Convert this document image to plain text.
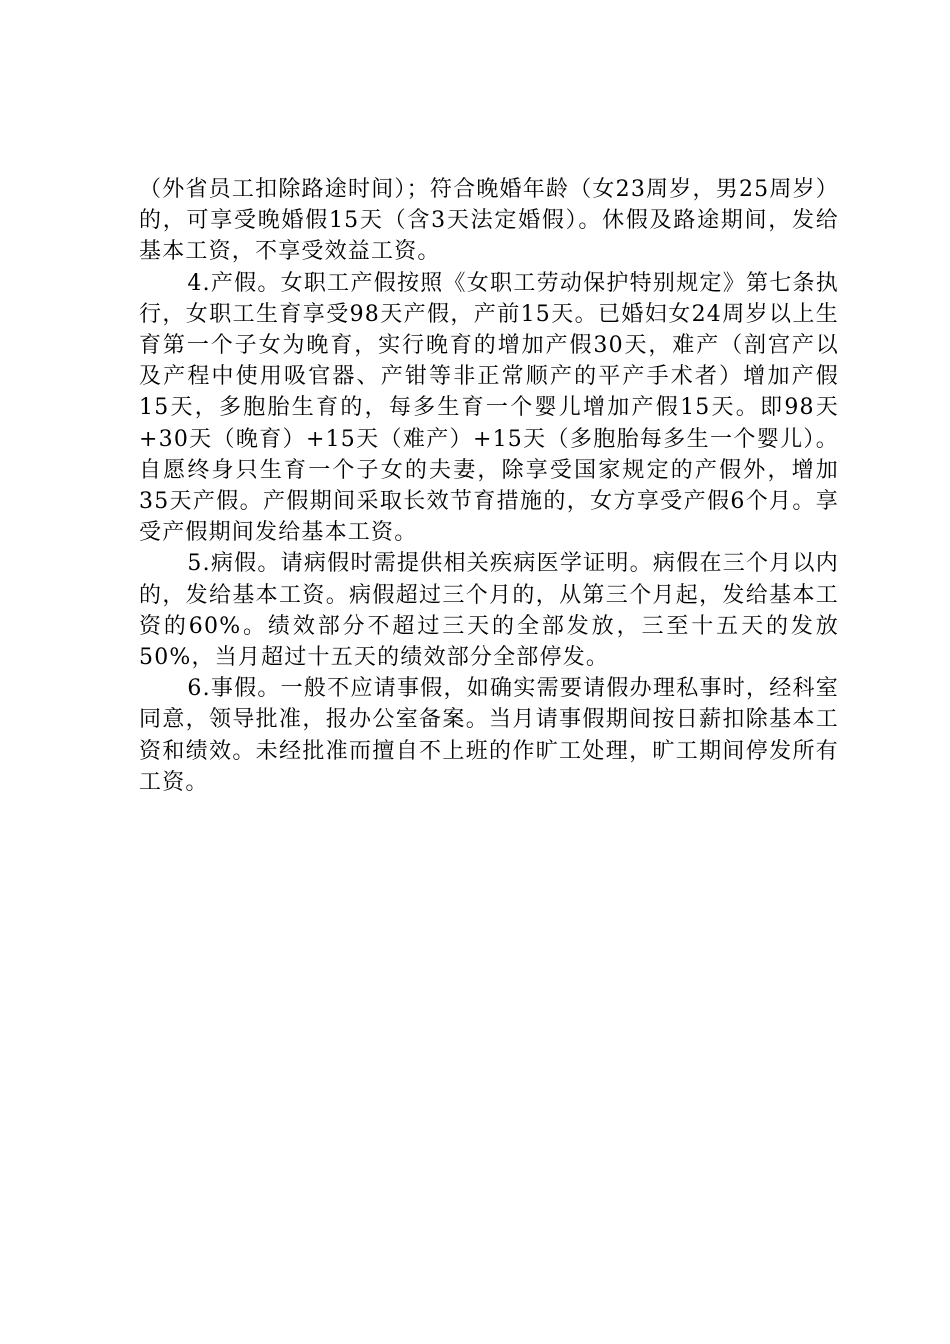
（外省员工扣除路途时间）；符合晚婚年龄（女23周岁，男25周岁）的，可享受晚婚假15天（含3天法定婚假）。休假及路途期间，发给基本工资，不享受效益工资。

4.产假。女职工产假按照《女职工劳动保护特别规定》第七条执行，女职工生育享受98天产假，产前15天。已婚妇女24周岁以上生育第一个子女为晚育，实行晚育的增加产假30天，难产（剖宫产以及产程中使用吸官器、产钳等非正常顺产的平产手术者）增加产假15天，多胞胎生育的，每多生育一个婴儿增加产假15天。即98天+30天（晚育）+15天（难产）+15天（多胞胎每多生一个婴儿）。自愿终身只生育一个子女的夫妻，除享受国家规定的产假外，增加35天产假。产假期间采取长效节育措施的，女方享受产假6个月。享受产假期间发给基本工资。

5.病假。请病假时需提供相关疾病医学证明。病假在三个月以内的，发给基本工资。病假超过三个月的，从第三个月起，发给基本工资的60%。绩效部分不超过三天的全部发放，三至十五天的发放50%，当月超过十五天的绩效部分全部停发。

6.事假。一般不应请事假，如确实需要请假办理私事时，经科室同意，领导批准，报办公室备案。当月请事假期间按日薪扣除基本工资和绩效。未经批准而擅自不上班的作旷工处理，旷工期间停发所有工资。
